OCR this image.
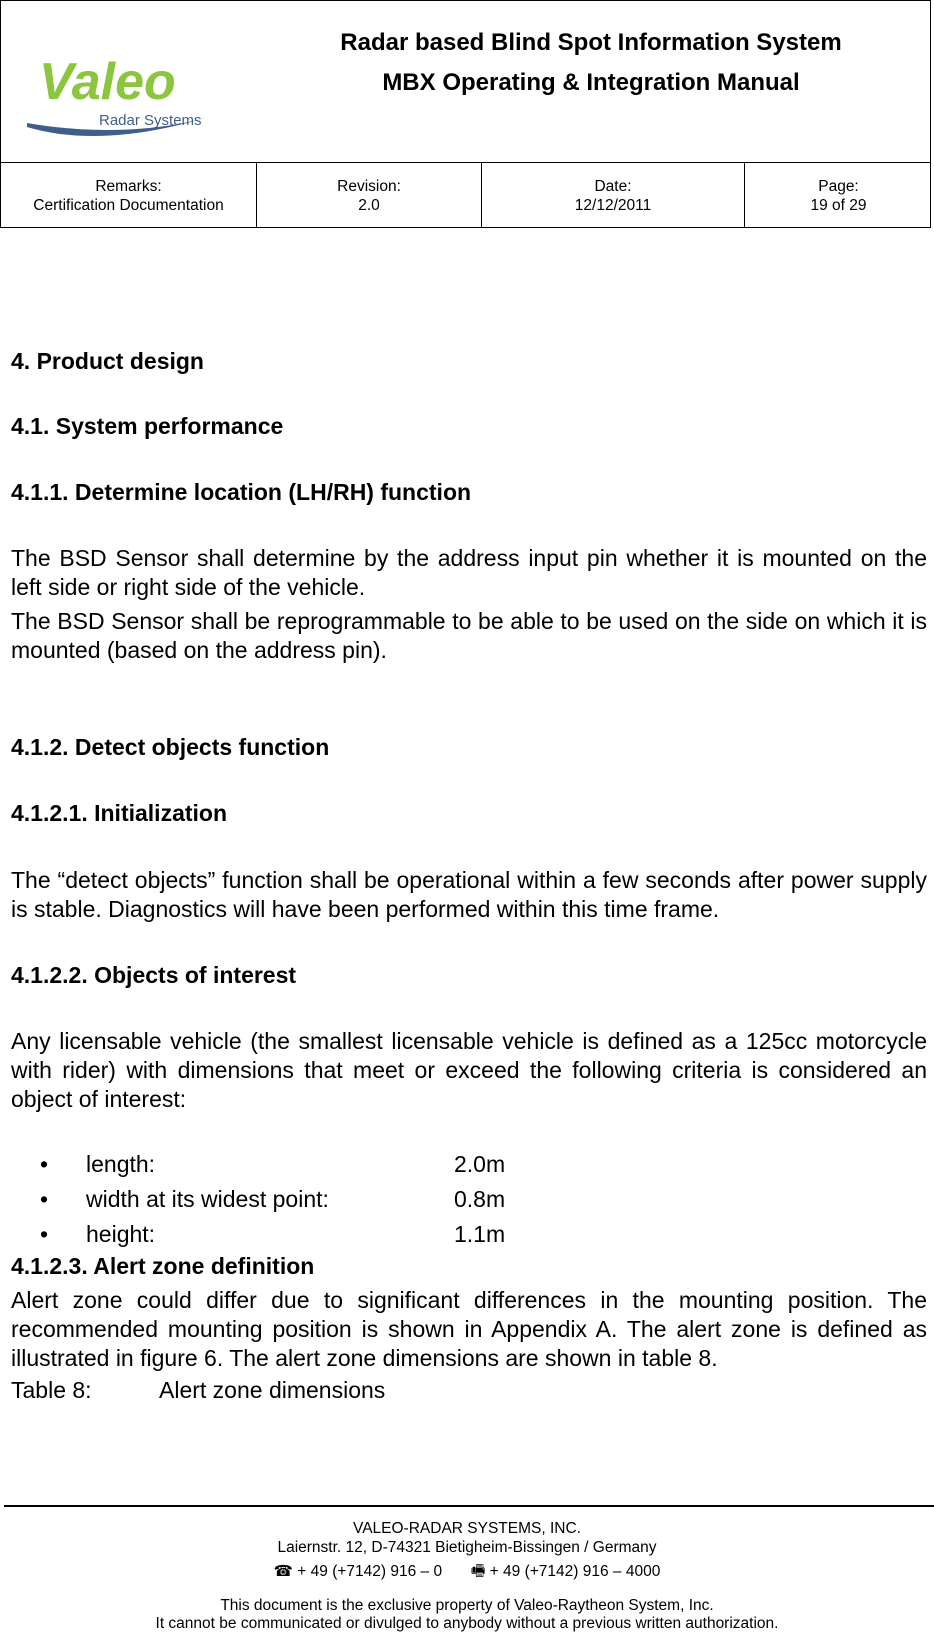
Valeo
Radar Systems
Radar based Blind Spot Information System
MBX Operating & Integration Manual
Remarks:
Certification Documentation
Revision:
2.0
Date:
12/12/2011
Page:
19 of 29
4. Product design
4.1. System performance
4.1.1. Determine location (LH/RH) function
The BSD Sensor shall determine by the address input pin whether it is mounted on the left side or right side of the vehicle.
The BSD Sensor shall be reprogrammable to be able to be used on the side on which it is mounted (based on the address pin).
4.1.2. Detect objects function
4.1.2.1. Initialization
The “detect objects” function shall be operational within a few seconds after power supply is stable. Diagnostics will have been performed within this time frame.
4.1.2.2. Objects of interest
Any licensable vehicle (the smallest licensable vehicle is defined as a 125cc motorcycle with rider) with dimensions that meet or exceed the following criteria is considered an object of interest:
• length:	2.0m
• width at its widest point:	0.8m
• height:	1.1m
4.1.2.3. Alert zone definition
Alert zone could differ due to significant differences in the mounting position. The recommended mounting position is shown in Appendix A. The alert zone is defined as illustrated in figure 6. The alert zone dimensions are shown in table 8.
Table 8:	Alert zone dimensions
VALEO-RADAR SYSTEMS, INC.
Laiernstr. 12, D-74321 Bietigheim-Bissingen / Germany
☎ + 49 (+7142) 916 – 0 🖷 + 49 (+7142) 916 – 4000
This document is the exclusive property of Valeo-Raytheon System, Inc.
It cannot be communicated or divulged to anybody without a previous written authorization.
